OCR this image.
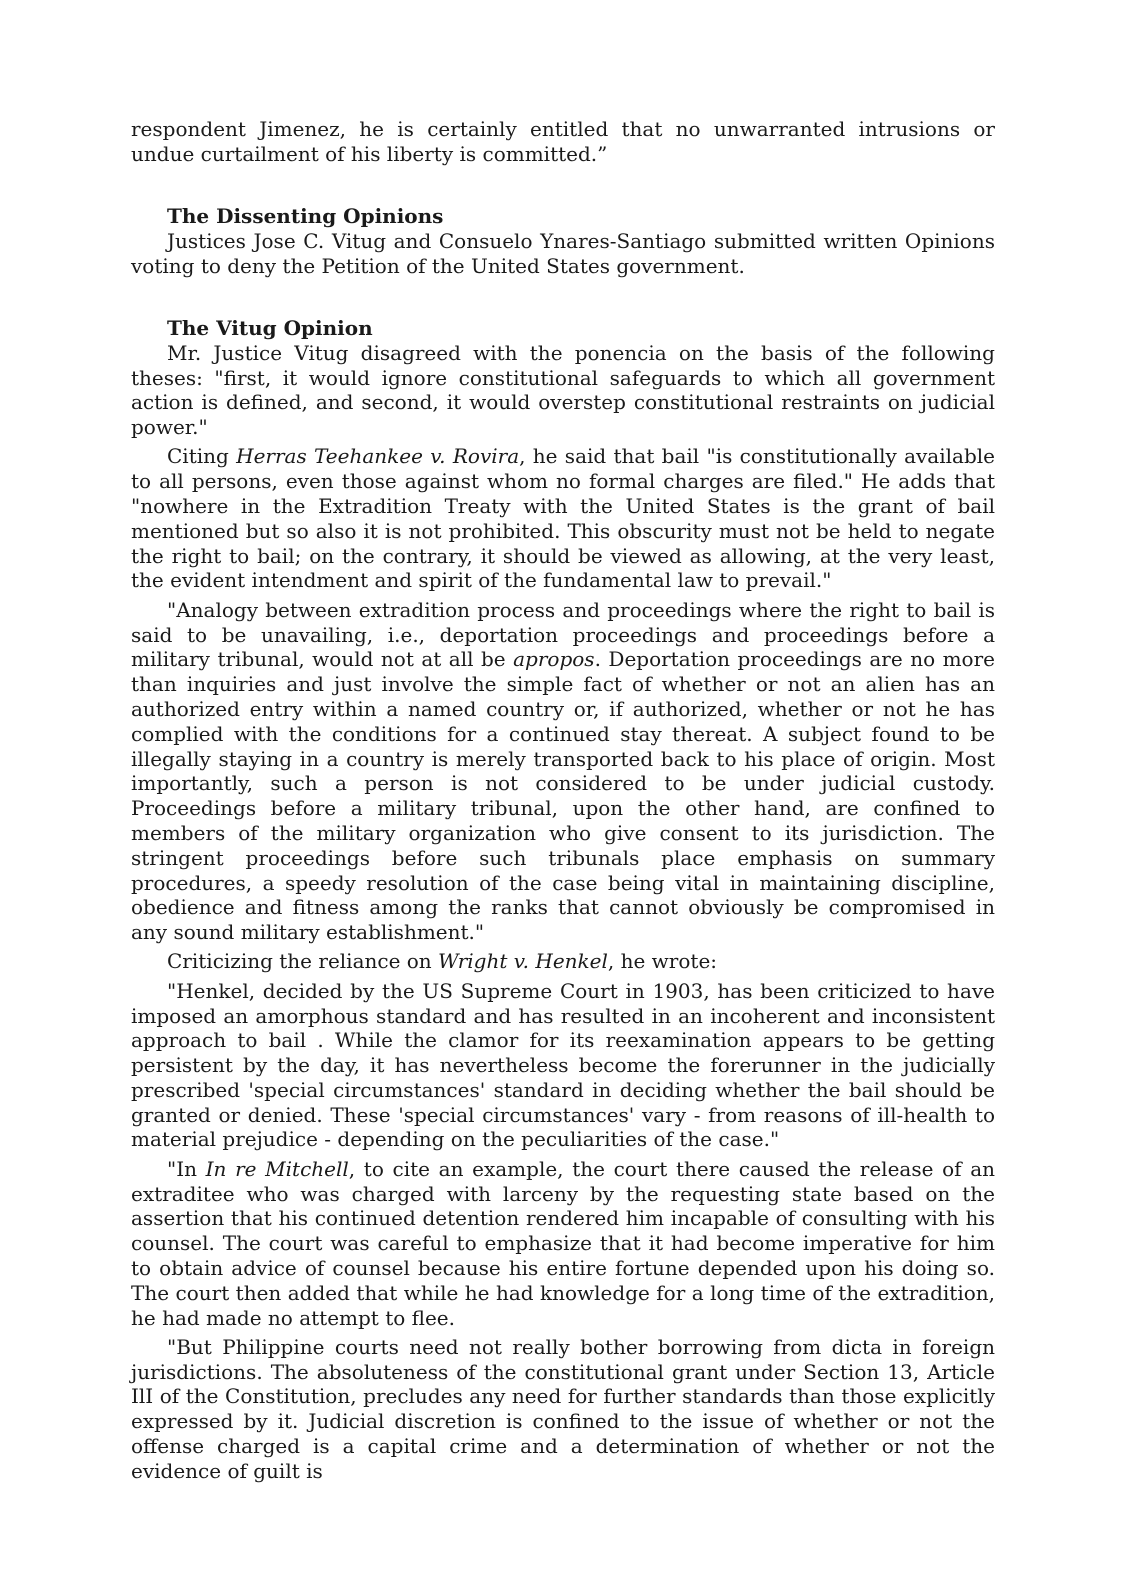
respondent Jimenez, he is certainly entitled that no unwarranted intrusions or undue curtailment of his liberty is committed.”

The Dissenting Opinions

Justices Jose C. Vitug and Consuelo Ynares-Santiago submitted written Opinions voting to deny the Petition of the United States government.

The Vitug Opinion

Mr. Justice Vitug disagreed with the ponencia on the basis of the following theses: "first, it would ignore constitutional safeguards to which all government action is defined, and second, it would overstep constitutional restraints on judicial power."

Citing Herras Teehankee v. Rovira, he said that bail "is constitutionally available to all persons, even those against whom no formal charges are filed." He adds that "nowhere in the Extradition Treaty with the United States is the grant of bail mentioned but so also it is not prohibited. This obscurity must not be held to negate the right to bail; on the contrary, it should be viewed as allowing, at the very least, the evident intendment and spirit of the fundamental law to prevail."

"Analogy between extradition process and proceedings where the right to bail is said to be unavailing, i.e., deportation proceedings and proceedings before a military tribunal, would not at all be apropos. Deportation proceedings are no more than inquiries and just involve the simple fact of whether or not an alien has an authorized entry within a named country or, if authorized, whether or not he has complied with the conditions for a continued stay thereat. A subject found to be illegally staying in a country is merely transported back to his place of origin. Most importantly, such a person is not considered to be under judicial custody. Proceedings before a military tribunal, upon the other hand, are confined to members of the military organization who give consent to its jurisdiction. The stringent proceedings before such tribunals place emphasis on summary procedures, a speedy resolution of the case being vital in maintaining discipline, obedience and fitness among the ranks that cannot obviously be compromised in any sound military establishment."

Criticizing the reliance on Wright v. Henkel, he wrote:

"Henkel, decided by the US Supreme Court in 1903, has been criticized to have imposed an amorphous standard and has resulted in an incoherent and inconsistent approach to bail . While the clamor for its reexamination appears to be getting persistent by the day, it has nevertheless become the forerunner in the judicially prescribed 'special circumstances' standard in deciding whether the bail should be granted or denied. These 'special circumstances' vary - from reasons of ill-health to material prejudice - depending on the peculiarities of the case."

"In In re Mitchell, to cite an example, the court there caused the release of an extraditee who was charged with larceny by the requesting state based on the assertion that his continued detention rendered him incapable of consulting with his counsel. The court was careful to emphasize that it had become imperative for him to obtain advice of counsel because his entire fortune depended upon his doing so. The court then added that while he had knowledge for a long time of the extradition, he had made no attempt to flee.

"But Philippine courts need not really bother borrowing from dicta in foreign jurisdictions. The absoluteness of the constitutional grant under Section 13, Article IlI of the Constitution, precludes any need for further standards than those explicitly expressed by it. Judicial discretion is confined to the issue of whether or not the offense charged is a capital crime and a determination of whether or not the evidence of guilt is
